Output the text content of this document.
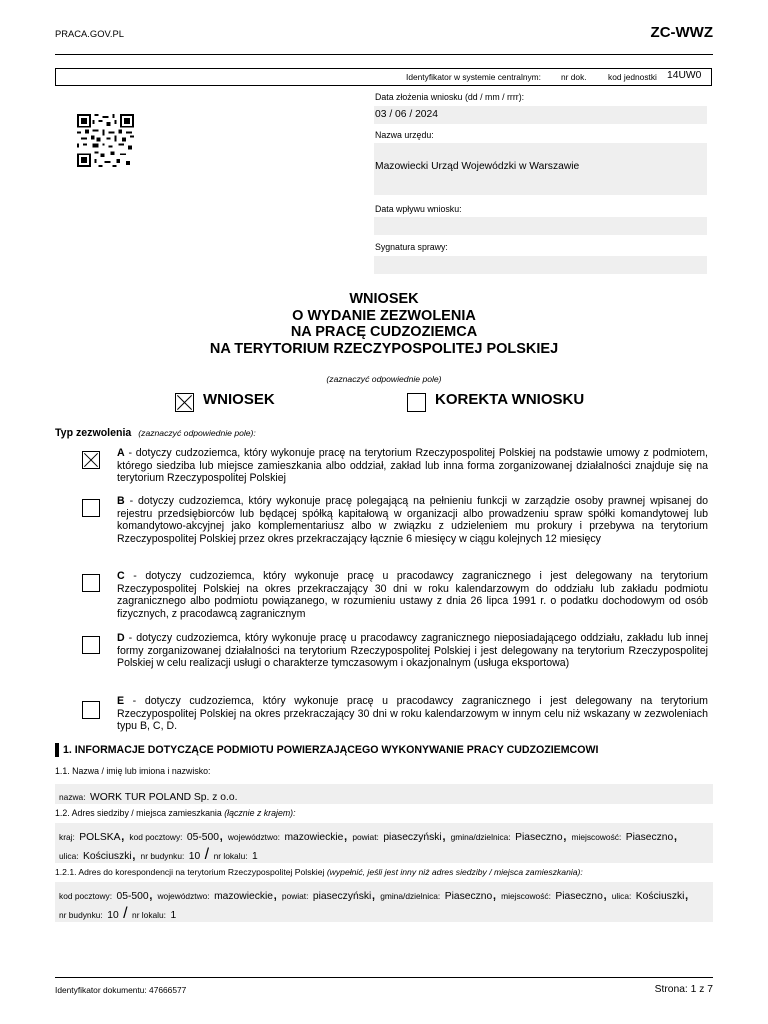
PRACA.GOV.PL	ZC-WWZ
Identyfikator w systemie centralnym: nr dok.	kod jednostki 14UW0
Data złożenia wniosku (dd / mm / rrrr):
03 / 06 / 2024
Nazwa urzędu:
Mazowiecki Urząd Wojewódzki w Warszawie
Data wpływu wniosku:
Sygnatura sprawy:
WNIOSEK
O WYDANIE ZEZWOLENIA
NA PRACĘ CUDZOZIEMCA
NA TERYTORIUM RZECZYPOSPOLITEJ POLSKIEJ
(zaznaczyć odpowiednie pole)
WNIOSEK	KOREKTA WNIOSKU
Typ zezwolenia (zaznaczyć odpowiednie pole):
A - dotyczy cudzoziemca, który wykonuje pracę na terytorium Rzeczypospolitej Polskiej na podstawie umowy z podmiotem, którego siedziba lub miejsce zamieszkania albo oddział, zakład lub inna forma zorganizowanej działalności znajduje się na terytorium Rzeczypospolitej Polskiej
B - dotyczy cudzoziemca, który wykonuje pracę polegającą na pełnieniu funkcji w zarządzie osoby prawnej wpisanej do rejestru przedsiębiorców lub będącej spółką kapitałową w organizacji albo prowadzeniu spraw spółki komandytowej lub komandytowo-akcyjnej jako komplementariusz albo w związku z udzieleniem mu prokury i przebywa na terytorium Rzeczypospolitej Polskiej przez okres przekraczający łącznie 6 miesięcy w ciągu kolejnych 12 miesięcy
C - dotyczy cudzoziemca, który wykonuje pracę u pracodawcy zagranicznego i jest delegowany na terytorium Rzeczypospolitej Polskiej na okres przekraczający 30 dni w roku kalendarzowym do oddziału lub zakładu podmiotu zagranicznego albo podmiotu powiązanego, w rozumieniu ustawy z dnia 26 lipca 1991 r. o podatku dochodowym od osób fizycznych, z pracodawcą zagranicznym
D - dotyczy cudzoziemca, który wykonuje pracę u pracodawcy zagranicznego nieposiadającego oddziału, zakładu lub innej formy zorganizowanej działalności na terytorium Rzeczypospolitej Polskiej i jest delegowany na terytorium Rzeczypospolitej Polskiej w celu realizacji usługi o charakterze tymczasowym i okazjonalnym (usługa eksportowa)
E - dotyczy cudzoziemca, który wykonuje pracę u pracodawcy zagranicznego i jest delegowany na terytorium Rzeczypospolitej Polskiej na okres przekraczający 30 dni w roku kalendarzowym w innym celu niż wskazany w zezwoleniach typu B, C, D.
1. INFORMACJE DOTYCZĄCE PODMIOTU POWIERZAJĄCEGO WYKONYWANIE PRACY CUDZOZIEMCOWI
1.1. Nazwa / imię lub imiona i nazwisko:
nazwa: WORK TUR POLAND Sp. z o.o.
1.2. Adres siedziby / miejsca zamieszkania (łącznie z krajem):
kraj: POLSKA, kod pocztowy: 05-500, województwo: mazowieckie, powiat: piaseczyński, gmina/dzielnica: Piaseczno, miejscowość: Piaseczno,
ulica: Kościuszki, nr budynku: 10 / nr lokalu: 1
1.2.1. Adres do korespondencji na terytorium Rzeczypospolitej Polskiej (wypełnić, jeśli jest inny niż adres siedziby / miejsca zamieszkania):
kod pocztowy: 05-500, województwo: mazowieckie, powiat: piaseczyński, gmina/dzielnica: Piaseczno, miejscowość: Piaseczno, ulica: Kościuszki,
nr budynku: 10 / nr lokalu: 1
Identyfikator dokumentu: 47666577	Strona: 1 z 7
